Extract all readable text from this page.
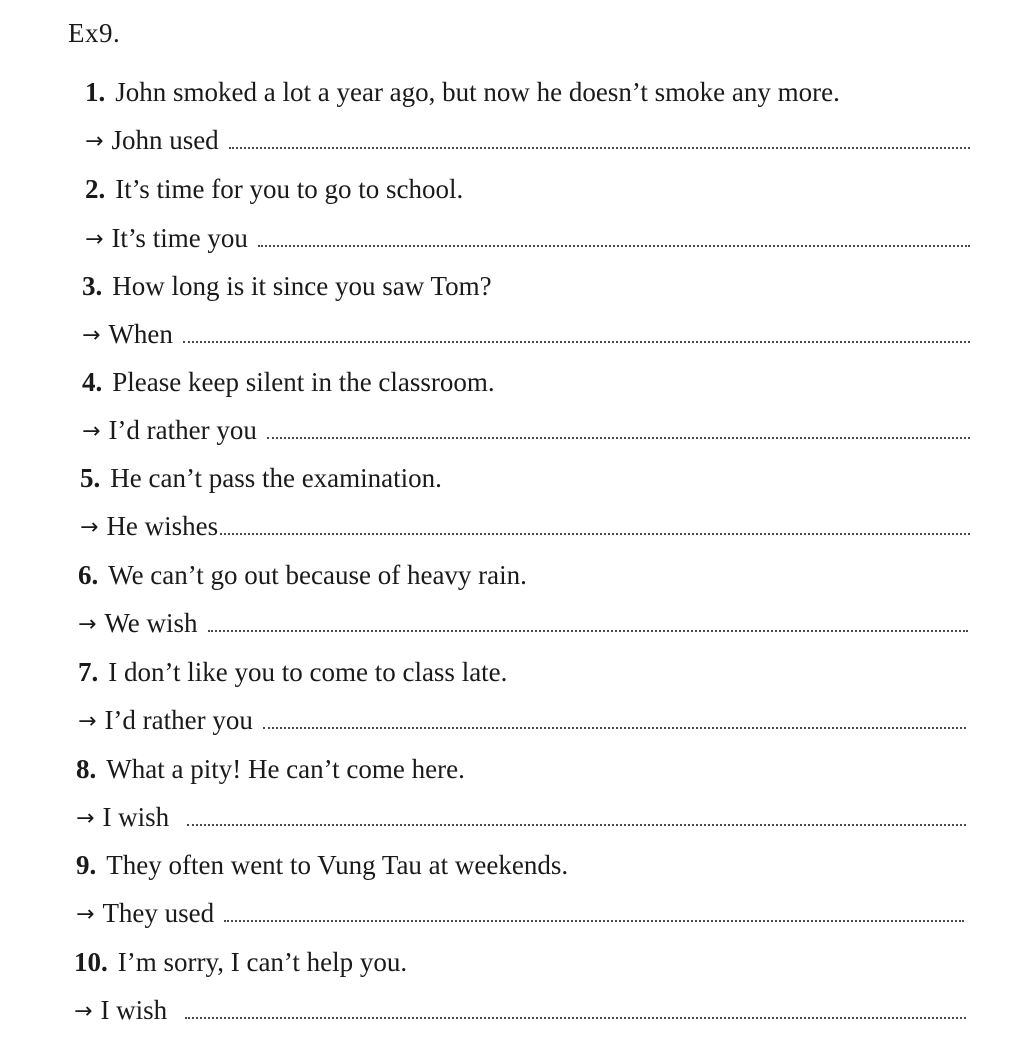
Ex9.
1. John smoked a lot a year ago, but now he doesn’t smoke any more.
→ John used
2. It’s time for you to go to school.
→ It’s time you
3. How long is it since you saw Tom?
→ When
4. Please keep silent in the classroom.
→ I’d rather you
5. He can’t pass the examination.
→ He wishes
6. We can’t go out because of heavy rain.
→ We wish
7. I don’t like you to come to class late.
→ I’d rather you
8. What a pity! He can’t come here.
→ I wish
9. They often went to Vung Tau at weekends.
→ They used
10. I’m sorry, I can’t help you.
→ I wish
